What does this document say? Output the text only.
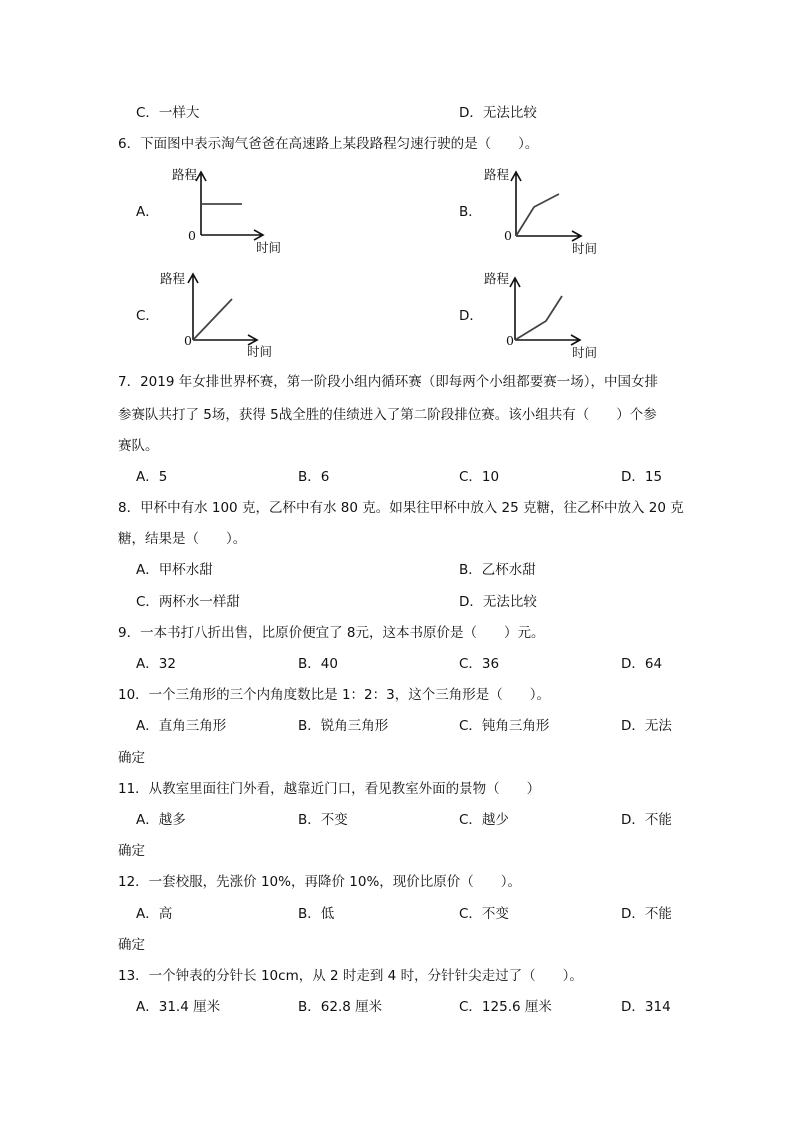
C．一样大	D．无法比较
6．下面图中表示淘气爸爸在高速路上某段路程匀速行驶的是（　　）。
A．
路程
0
时间
B．
路程
0
时间
C．
路程
0
时间
D．
路程
0
时间
7．2019 年女排世界杯赛，第一阶段小组内循环赛（即每两个小组都要赛一场），中国女排
参赛队共打了 5场，获得 5战全胜的佳绩进入了第二阶段排位赛。该小组共有（　　）个参
赛队。
A．5	B．6	C．10	D．15
8．甲杯中有水 100 克，乙杯中有水 80 克。如果往甲杯中放入 25 克糖，往乙杯中放入 20 克
糖，结果是（　　）。
A．甲杯水甜	B．乙杯水甜
C．两杯水一样甜	D．无法比较
9．一本书打八折出售，比原价便宜了 8元，这本书原价是（　　）元。
A．32	B．40	C．36	D．64
10．一个三角形的三个内角度数比是 1：2：3，这个三角形是（　　）。
A．直角三角形	B．锐角三角形	C．钝角三角形	D．无法
确定
11．从教室里面往门外看，越靠近门口，看见教室外面的景物（　　）
A．越多	B．不变	C．越少	D．不能
确定
12．一套校服，先涨价 10%，再降价 10%，现价比原价（　　）。
A．高	B．低	C．不变	D．不能
确定
13．一个钟表的分针长 10cm，从 2 时走到 4 时，分针针尖走过了（　　）。
A．31.4 厘米	B．62.8 厘米	C．125.6 厘米	D．314
